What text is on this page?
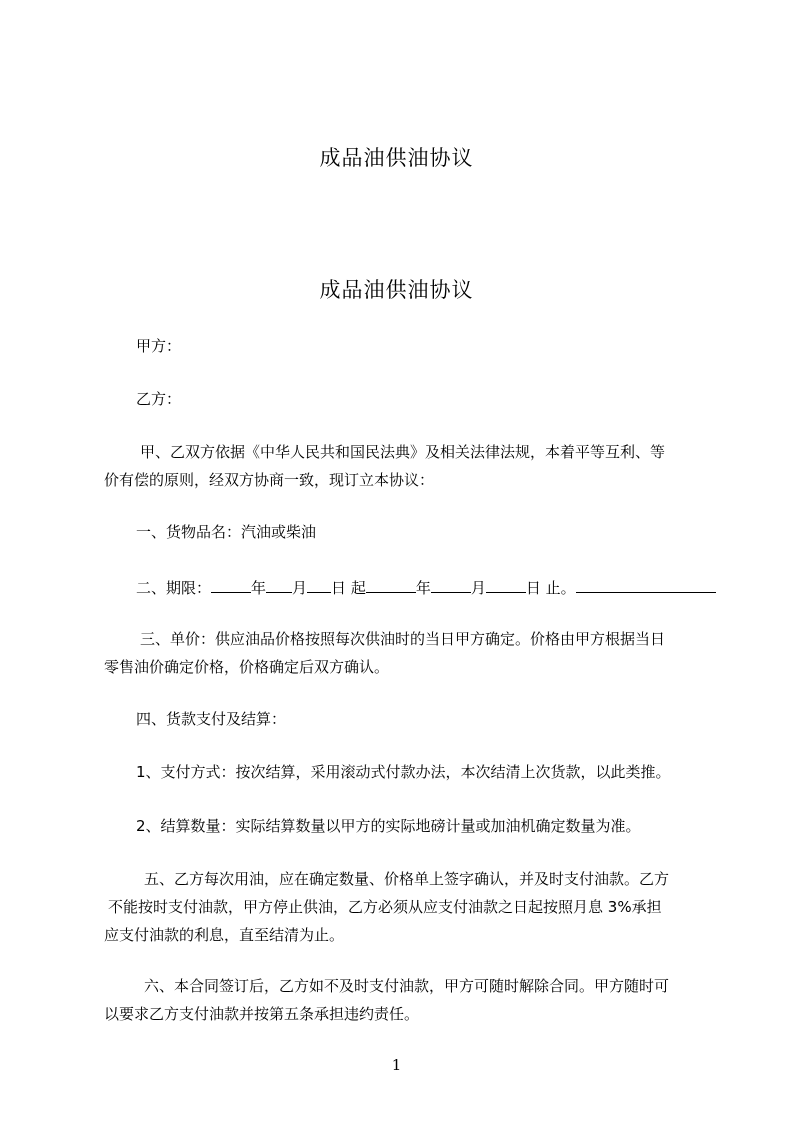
成品油供油协议
成品油供油协议
甲方：
乙方：
甲、乙双方依据《中华人民共和国民法典》及相关法律法规，本着平等互利、等
价有偿的原则，经双方协商一致，现订立本协议：
一、货物品名：汽油或柴油
二、期限：	年 月 日 起	年	月	日 止。
三、单价：供应油品价格按照每次供油时的当日甲方确定。价格由甲方根据当日
零售油价确定价格，价格确定后双方确认。
四、货款支付及结算：
1、支付方式：按次结算，采用滚动式付款办法，本次结清上次货款，以此类推。
2、结算数量：实际结算数量以甲方的实际地磅计量或加油机确定数量为准。
五、乙方每次用油，应在确定数量、价格单上签字确认，并及时支付油款。乙方
不能按时支付油款，甲方停止供油，乙方必须从应支付油款之日起按照月息 3%承担
应支付油款的利息，直至结清为止。
六、本合同签订后，乙方如不及时支付油款，甲方可随时解除合同。甲方随时可
以要求乙方支付油款并按第五条承担违约责任。
1
